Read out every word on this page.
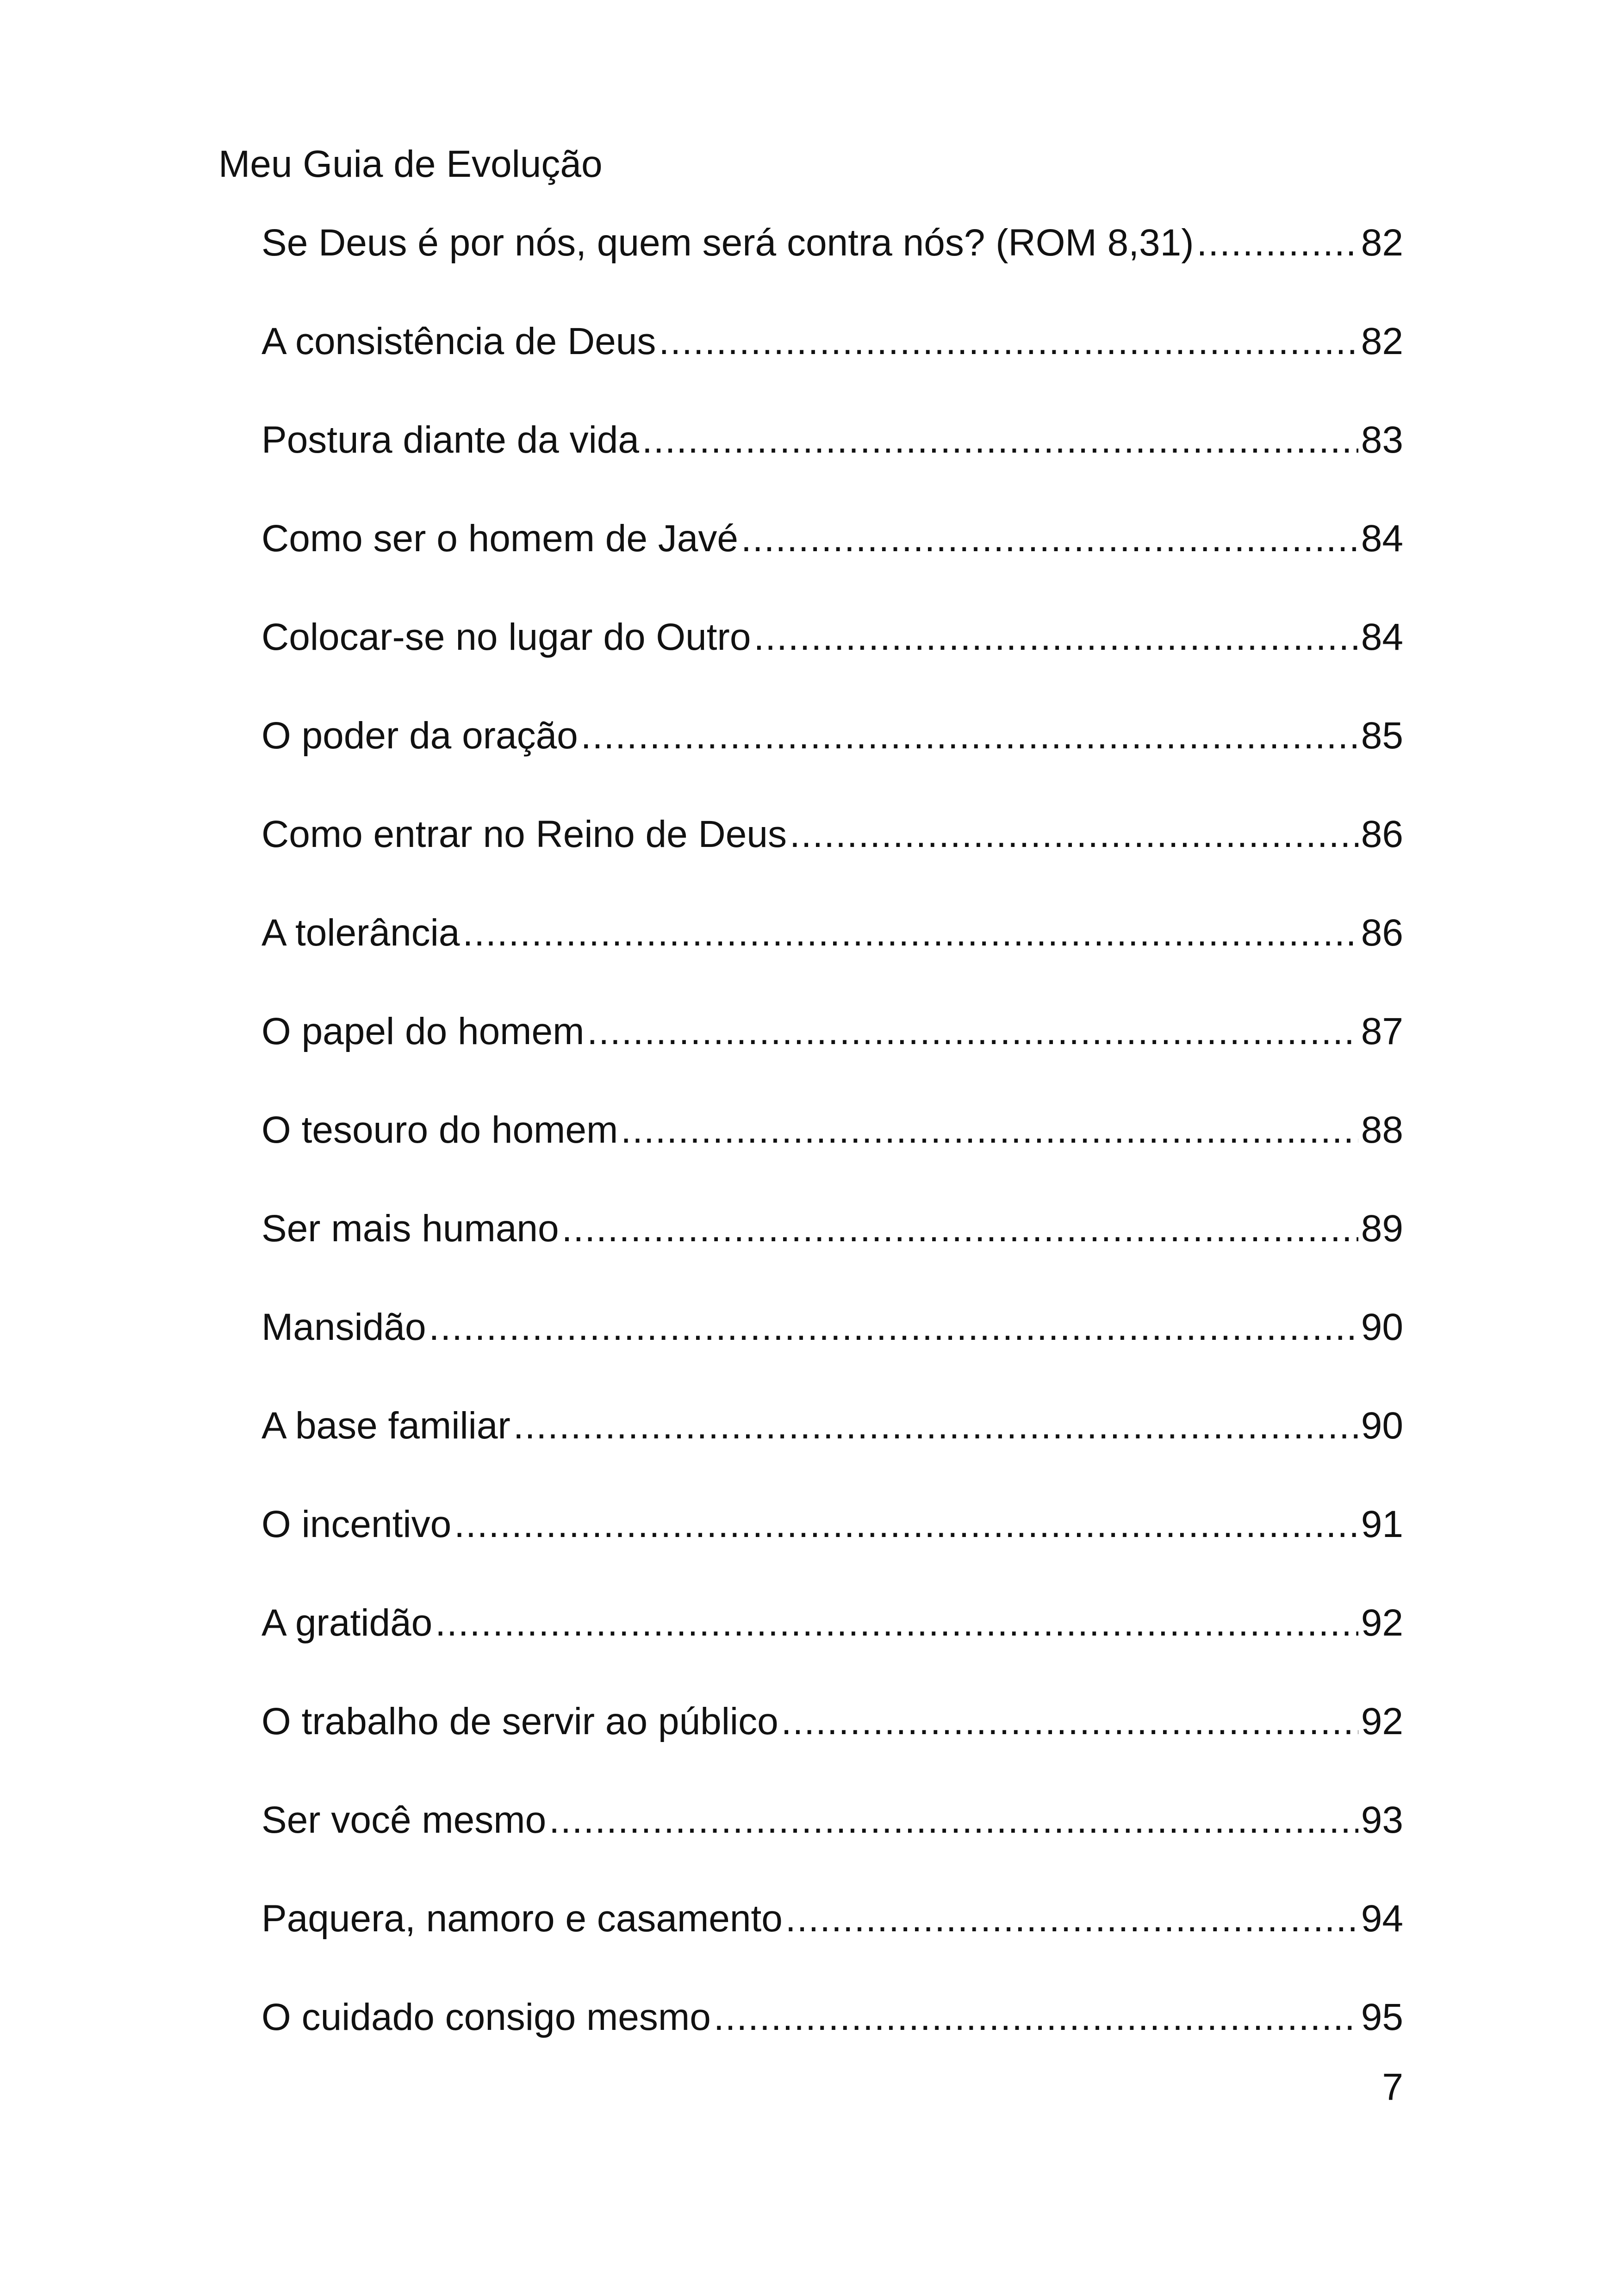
Meu Guia de Evolução
Se Deus é por nós, quem será contra nós? (ROM 8,31) .....	82
A consistência de Deus .....	82
Postura diante da vida .....	83
Como ser o homem de Javé .....	84
Colocar-se no lugar do Outro .....	84
O poder da oração .....	85
Como entrar no Reino de Deus .....	86
A tolerância .....	86
O papel do homem .....	87
O tesouro do homem .....	88
Ser mais humano .....	89
Mansidão .....	90
A base familiar .....	90
O incentivo .....	91
A gratidão .....	92
O trabalho de servir ao público .....	92
Ser você mesmo .....	93
Paquera, namoro e casamento .....	94
O cuidado consigo mesmo .....	95
7
